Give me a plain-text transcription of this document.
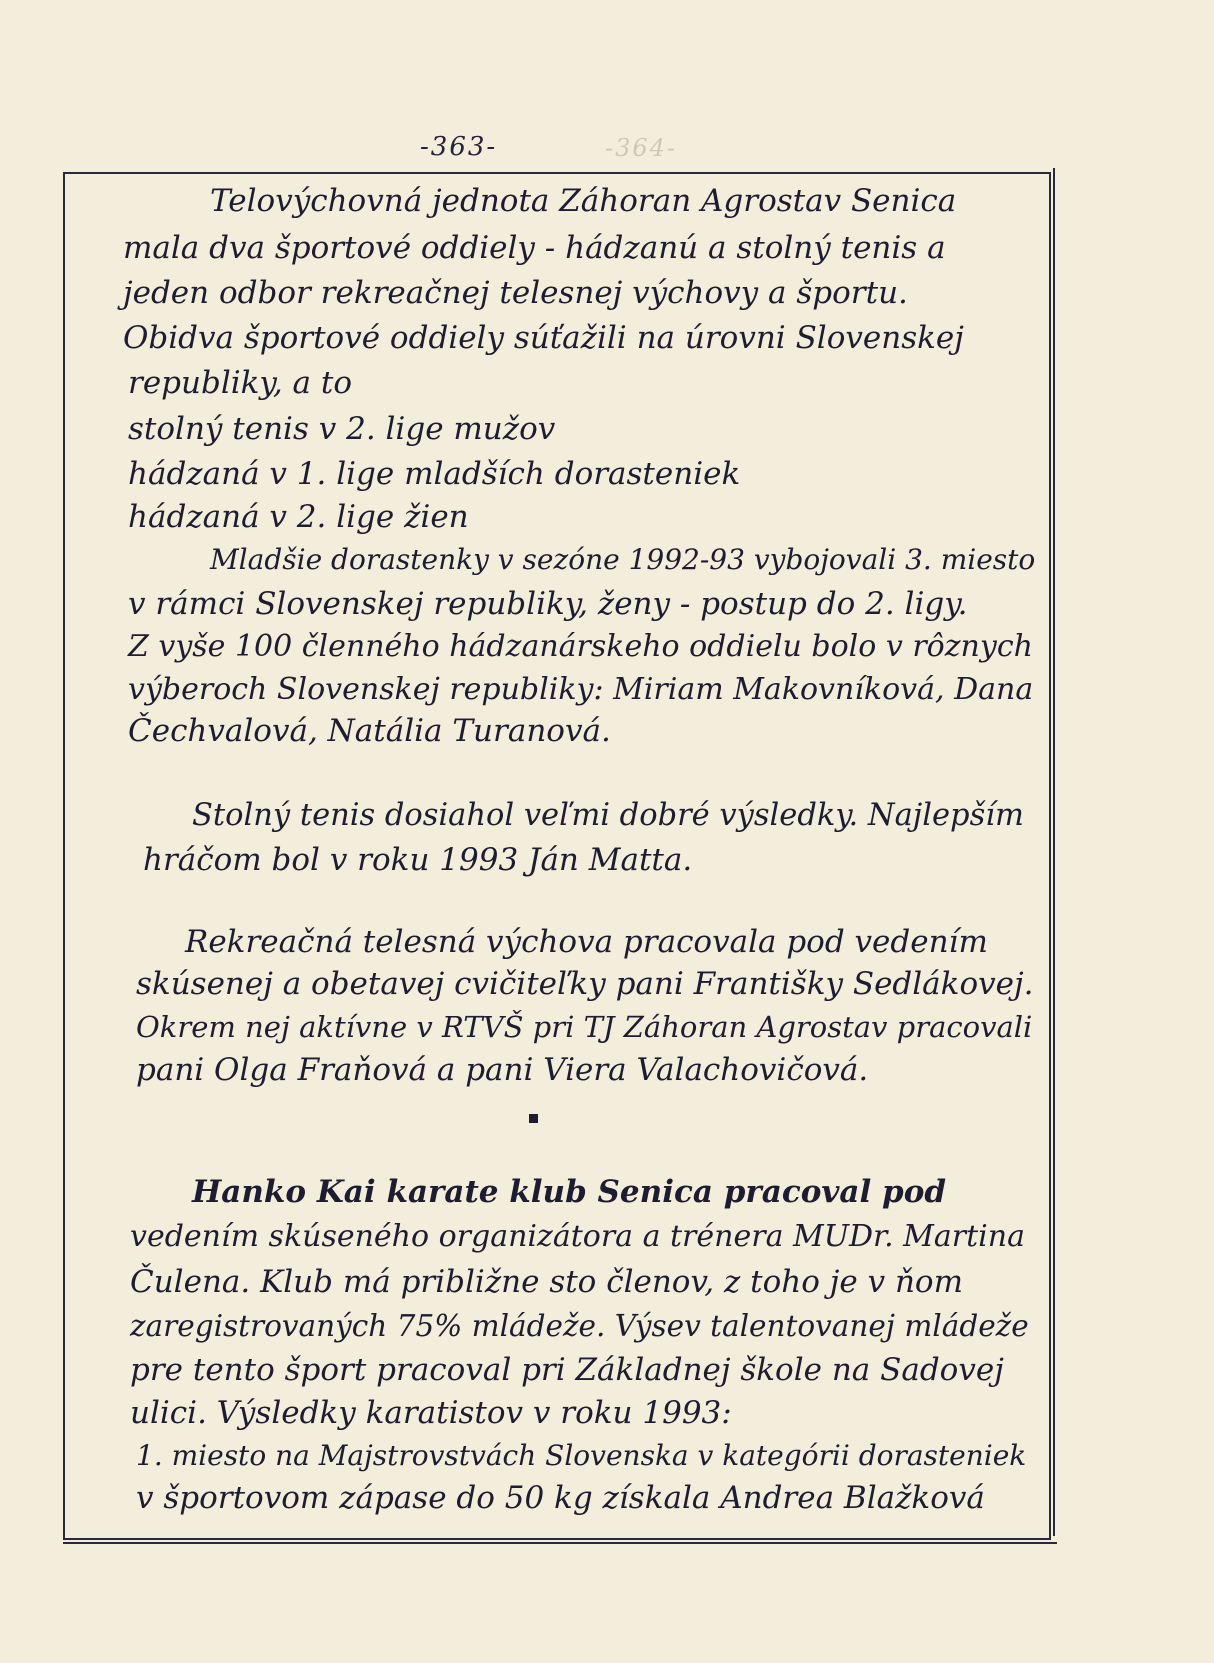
-363-	-364-
Telovýchovná jednota Záhoran Agrostav Senica
mala dva športové oddiely - hádzanú a stolný tenis a
jeden odbor rekreačnej telesnej výchovy a športu.
Obidva športové oddiely súťažili na úrovni Slovenskej
republiky, a to
stolný tenis v 2. lige mužov
hádzaná v 1. lige mladších dorasteniek
hádzaná v 2. lige žien
Mladšie dorastenky v sezóne 1992-93 vybojovali 3. miesto
v rámci Slovenskej republiky, ženy - postup do 2. ligy.
Z vyše 100 členného hádzanárskeho oddielu bolo v rôznych
výberoch Slovenskej republiky: Miriam Makovníková, Dana
Čechvalová, Natália Turanová.
Stolný tenis dosiahol veľmi dobré výsledky. Najlepším
hráčom bol v roku 1993 Ján Matta.
Rekreačná telesná výchova pracovala pod vedením
skúsenej a obetavej cvičiteľky pani Františky Sedlákovej.
Okrem nej aktívne v RTVŠ pri TJ Záhoran Agrostav pracovali
pani Olga Fraňová a pani Viera Valachovičová.
Hanko Kai karate klub Senica pracoval pod
vedením skúseného organizátora a trénera MUDr. Martina
Čulena. Klub má približne sto členov, z toho je v ňom
zaregistrovaných 75% mládeže. Výsev talentovanej mládeže
pre tento šport pracoval pri Základnej škole na Sadovej
ulici. Výsledky karatistov v roku 1993:
1. miesto na Majstrovstvách Slovenska v kategórii dorasteniek
v športovom zápase do 50 kg získala Andrea Blažková
